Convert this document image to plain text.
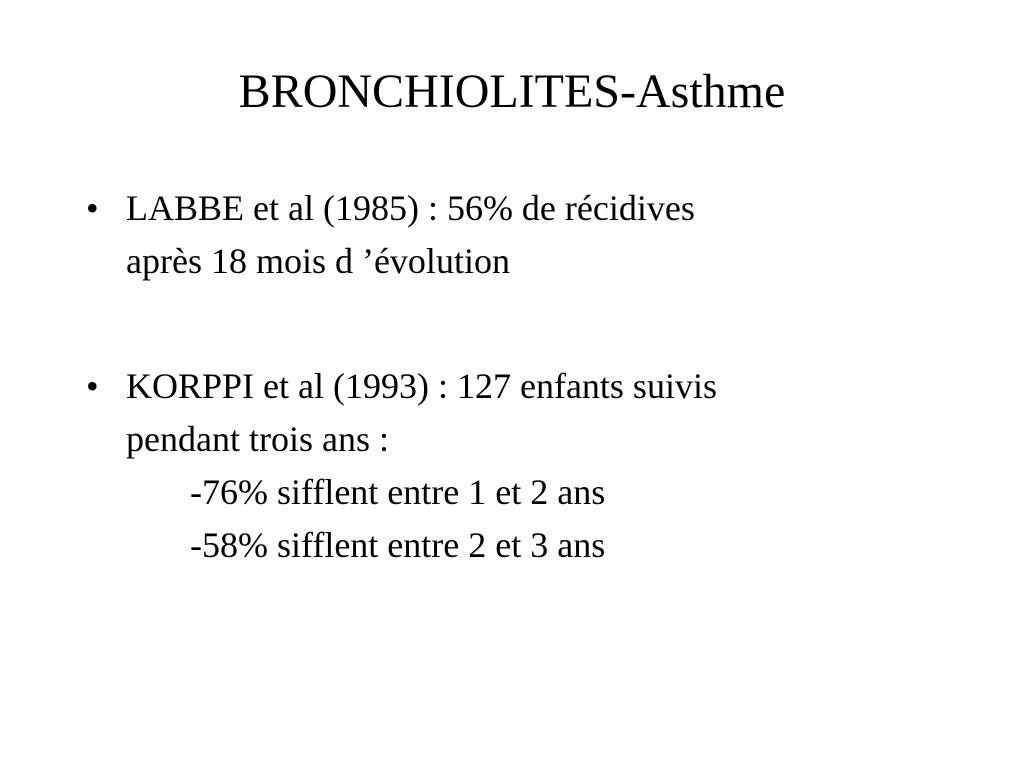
BRONCHIOLITES-Asthme
• LABBE et al (1985) : 56% de récidives
après 18 mois d ’évolution
• KORPPI et al (1993) : 127 enfants suivis
pendant trois ans :
-76% sifflent entre 1 et 2 ans
-58% sifflent entre 2 et 3 ans
